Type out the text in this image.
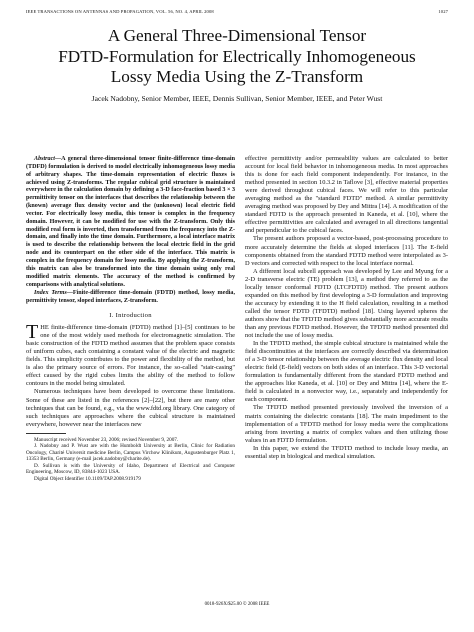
IEEE TRANSACTIONS ON ANTENNAS AND PROPAGATION, VOL. 56, NO. 4, APRIL 2008	1027
A General Three-Dimensional Tensor
FDTD-Formulation for Electrically Inhomogeneous
Lossy Media Using the Z-Transform
Jacek Nadobny, Senior Member, IEEE, Dennis Sullivan, Senior Member, IEEE, and Peter Wust

Abstract—A general three-dimensional tensor finite-difference time-domain (TDFD) formulation is derived to model electrically inhomogeneous lossy media of arbitrary shapes. The time-domain representation of electric fluxes is achieved using Z-transforms. The regular cubical grid structure is maintained everywhere in the calculation domain by defining a 3-D face-fraction based 3 × 3 permittivity tensor on the interfaces that describes the relationship between the (known) average flux density vector and the (unknown) local electric field vector. For electrically lossy media, this tensor is complex in the frequency domain. However, it can be modified for use with the Z-transform. Only this modified real form is inverted, then transformed from the frequency into the Z-domain, and finally into the time domain. Furthermore, a local interface matrix is used to describe the relationship between the local electric field in the grid node and its counterpart on the other side of the interface. This matrix is complex in the frequency domain for lossy media. By applying the Z-transform, this matrix can also be transformed into the time domain using only real modified matrix elements. The accuracy of the method is confirmed by comparisons with analytical solutions.

Index Terms—Finite-difference time-domain (FDTD) method, lossy media, permittivity tensor, sloped interfaces, Z-transform.

I. Introduction

THE finite-difference time-domain (FDTD) method [1]–[5] continues to be one of the most widely used methods for electromagnetic simulation. The basic construction of the FDTD method assumes that the problem space consists of uniform cubes, each containing a constant value of the electric and magnetic fields. This simplicity contributes to the power and flexibility of the method, but is also the primary source of errors. For instance, the so-called "stair-casing" effect caused by the rigid cubes limits the ability of the method to follow contours in the model being simulated.

Numerous techniques have been developed to overcome these limitations. Some of these are listed in the references [2]–[22], but there are many other techniques that can be found, e.g., via the www.fdtd.org library. One category of such techniques are approaches where the cubical structure is maintained everywhere, however near the interfaces new

Manuscript received November 23, 2006; revised November 9, 2007.

J. Nadobny and P. Wust are with the Humboldt University at Berlin, Clinic for Radiation Oncology, Charité Universit medicine Berlin, Campus Virchow Klinikum, Augustenburger Platz 1, 13353 Berlin, Germany (e-mail jacek.nadobny@charite.de).

D. Sullivan is with the University of Idaho, Department of Electrical and Computer Engineering, Moscow, ID, 83844-1023 USA.

Digital Object Identifier 10.1109/TAP.2008.919179

effective permittivity and/or permeability values are calculated to better account for local field behavior in inhomogeneous media. In most approaches this is done for each field component independently. For instance, in the method presented in section 10.3.2 in Taflove [3], effective material properties were derived throughout cubical faces. We will refer to this particular averaging method as the "standard FDTD" method. A similar permittivity averaging method was proposed by Dey and Mittra [14]. A modification of the standard FDTD is the approach presented in Kaneda, et al. [10], where the effective permittivities are calculated and averaged in all directions tangential and perpendicular to the cubical faces.

The present authors proposed a vector-based, post-processing procedure to more accurately determine the fields at sloped interfaces [11]. The E-field components obtained from the standard FDTD method were interpolated as 3-D vectors and corrected with respect to the local interface normal.

A different local subcell approach was developed by Lee and Myung for a 2-D transverse electric (TE) problem [13], a method they referred to as the locally tensor conformal FDTD (LTCFDTD) method. The present authors expanded on this method by first developing a 3-D formulation and improving the accuracy by extending it to the H field calculation, resulting in a method called the tensor FDTD (TFDTD) method [18]. Using layered spheres the authors show that the TFDTD method gives substantially more accurate results than any previous FDTD method. However, the TFDTD method presented did not include the use of lossy media.

In the TFDTD method, the simple cubical structure is maintained while the field discontinuities at the interfaces are correctly described via determination of a 3-D tensor relationship between the average electric flux density and local electric field (E-field) vectors on both sides of an interface. This 3-D vectorial formulation is fundamentally different from the standard FDTD method and the approaches like Kaneda, et al. [10] or Dey and Mittra [14], where the E-field is calculated in a nonvector way, i.e., separately and independently for each component.

The TFDTD method presented previously involved the inversion of a matrix containing the dielectric constants [18]. The main impediment to the implementation of a TFDTD method for lossy media were the complications arising from inverting a matrix of complex values and then utilizing those values in an FDTD formulation.

In this paper, we extend the TFDTD method to include lossy media, an essential step in biological and medical simulation.

0018-926X/$25.00 © 2008 IEEE
